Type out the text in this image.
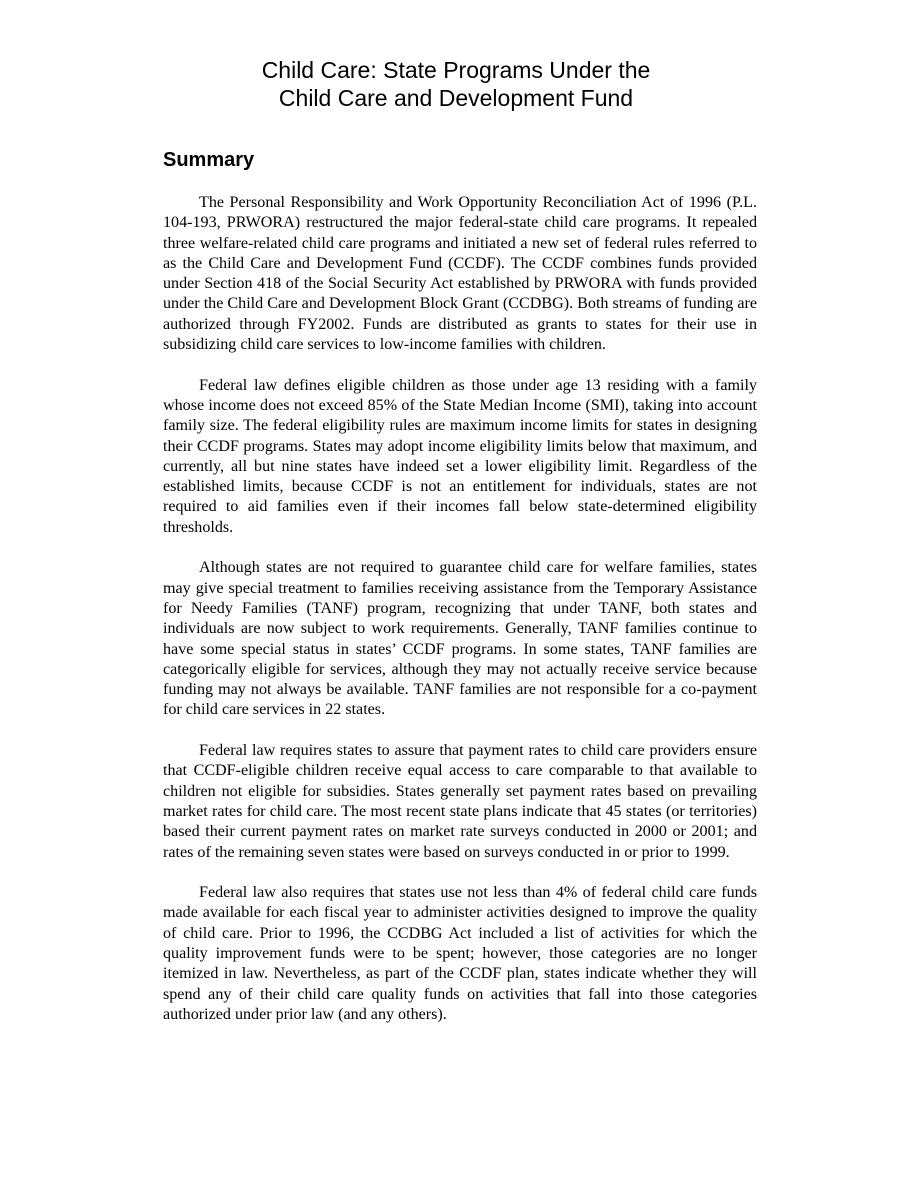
Child Care: State Programs Under the
Child Care and Development Fund
Summary

The Personal Responsibility and Work Opportunity Reconciliation Act of 1996 (P.L. 104-193, PRWORA) restructured the major federal-state child care programs. It repealed three welfare-related child care programs and initiated a new set of federal rules referred to as the Child Care and Development Fund (CCDF). The CCDF combines funds provided under Section 418 of the Social Security Act established by PRWORA with funds provided under the Child Care and Development Block Grant (CCDBG). Both streams of funding are authorized through FY2002. Funds are distributed as grants to states for their use in subsidizing child care services to low-income families with children.

Federal law defines eligible children as those under age 13 residing with a family whose income does not exceed 85% of the State Median Income (SMI), taking into account family size. The federal eligibility rules are maximum income limits for states in designing their CCDF programs. States may adopt income eligibility limits below that maximum, and currently, all but nine states have indeed set a lower eligibility limit. Regardless of the established limits, because CCDF is not an entitlement for individuals, states are not required to aid families even if their incomes fall below state-determined eligibility thresholds.

Although states are not required to guarantee child care for welfare families, states may give special treatment to families receiving assistance from the Temporary Assistance for Needy Families (TANF) program, recognizing that under TANF, both states and individuals are now subject to work requirements. Generally, TANF families continue to have some special status in states’ CCDF programs. In some states, TANF families are categorically eligible for services, although they may not actually receive service because funding may not always be available. TANF families are not responsible for a co-payment for child care services in 22 states.

Federal law requires states to assure that payment rates to child care providers ensure that CCDF-eligible children receive equal access to care comparable to that available to children not eligible for subsidies. States generally set payment rates based on prevailing market rates for child care. The most recent state plans indicate that 45 states (or territories) based their current payment rates on market rate surveys conducted in 2000 or 2001; and rates of the remaining seven states were based on surveys conducted in or prior to 1999.

Federal law also requires that states use not less than 4% of federal child care funds made available for each fiscal year to administer activities designed to improve the quality of child care. Prior to 1996, the CCDBG Act included a list of activities for which the quality improvement funds were to be spent; however, those categories are no longer itemized in law. Nevertheless, as part of the CCDF plan, states indicate whether they will spend any of their child care quality funds on activities that fall into those categories authorized under prior law (and any others).
